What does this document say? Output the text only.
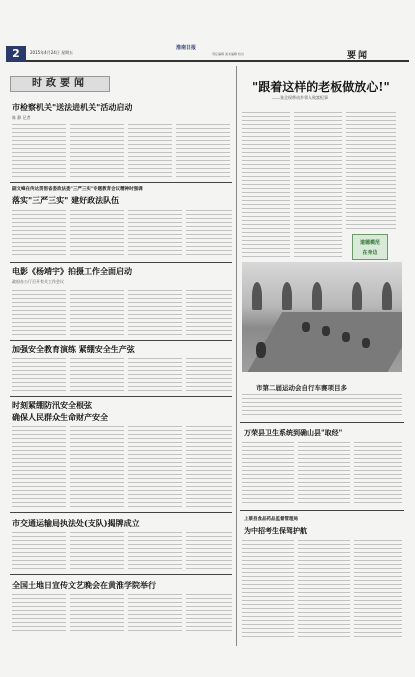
2	2015年4月24日 星期五
淮南日报
责任编辑 美术编辑 校对	要闻
时政要闻
市检察机关"送法进机关"活动启动
陈 静 记者
副文峰在传达贯彻省委政法委"三严三实"专题教育会议精神时强调
落实"三严三实" 建好政法队伍
电影《杨靖宇》拍摄工作全面启动
政府办公厅召开有关工作会议
加强安全教育演练 紧绷安全生产弦
时刻紧绷防汛安全根弦
确保人民群众生命财产安全
市交通运输局执法处(支队)揭牌成立
全国土地日宣传文艺晚会在黄淮学院举行
"跟着这样的老板做放心!"
——张全权带动乡邻人致富纪事
道德模范
在身边
市第二届运动会自行车赛项目多
万荣县卫生系统到确山县"取经"
上蔡县食品药品监督管理局
为中招考生保驾护航
